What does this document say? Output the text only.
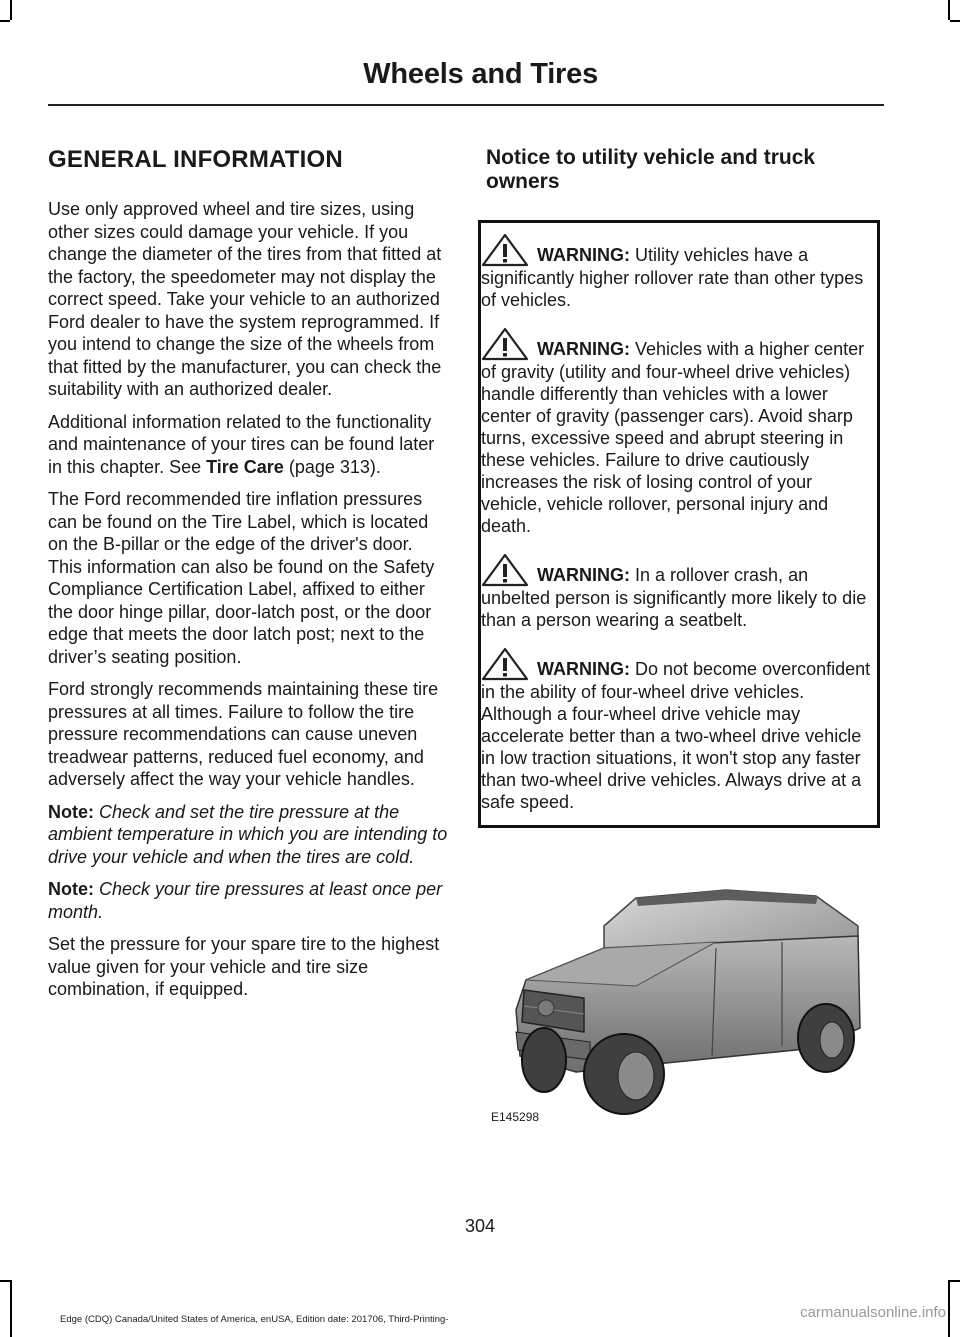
Wheels and Tires
GENERAL INFORMATION

Use only approved wheel and tire sizes, using other sizes could damage your vehicle. If you change the diameter of the tires from that fitted at the factory, the speedometer may not display the correct speed. Take your vehicle to an authorized Ford dealer to have the system reprogrammed. If you intend to change the size of the wheels from that fitted by the manufacturer, you can check the suitability with an authorized dealer.

Additional information related to the functionality and maintenance of your tires can be found later in this chapter. See Tire Care (page 313).

The Ford recommended tire inflation pressures can be found on the Tire Label, which is located on the B-pillar or the edge of the driver's door. This information can also be found on the Safety Compliance Certification Label, affixed to either the door hinge pillar, door-latch post, or the door edge that meets the door latch post; next to the driver’s seating position.

Ford strongly recommends maintaining these tire pressures at all times. Failure to follow the tire pressure recommendations can cause uneven treadwear patterns, reduced fuel economy, and adversely affect the way your vehicle handles.

Note: Check and set the tire pressure at the ambient temperature in which you are intending to drive your vehicle and when the tires are cold.

Note: Check your tire pressures at least once per month.

Set the pressure for your spare tire to the highest value given for your vehicle and tire size combination, if equipped.

Notice to utility vehicle and truck owners

WARNING: Utility vehicles have a significantly higher rollover rate than other types of vehicles.

WARNING: Vehicles with a higher center of gravity (utility and four-wheel drive vehicles) handle differently than vehicles with a lower center of gravity (passenger cars). Avoid sharp turns, excessive speed and abrupt steering in these vehicles. Failure to drive cautiously increases the risk of losing control of your vehicle, vehicle rollover, personal injury and death.

WARNING: In a rollover crash, an unbelted person is significantly more likely to die than a person wearing a seatbelt.

WARNING: Do not become overconfident in the ability of four-wheel drive vehicles. Although a four-wheel drive vehicle may accelerate better than a two-wheel drive vehicle in low traction situations, it won't stop any faster than two-wheel drive vehicles. Always drive at a safe speed.

E145298
304
Edge (CDQ) Canada/United States of America, enUSA, Edition date: 201706, Third-Printing-	carmanualsonline.info
